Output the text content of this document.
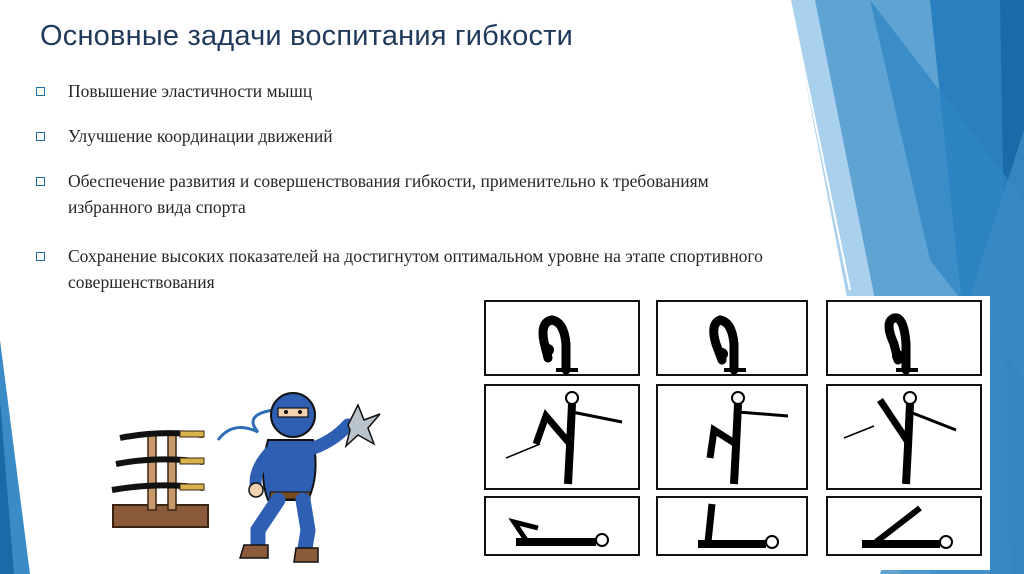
Основные задачи воспитания гибкости
Повышение эластичности мышц
Улучшение координации движений
Обеспечение развития и совершенствования гибкости, применительно к требованиям избранного вида спорта
Сохранение высоких показателей на достигнутом оптимальном уровне на этапе спортивного совершенствования
